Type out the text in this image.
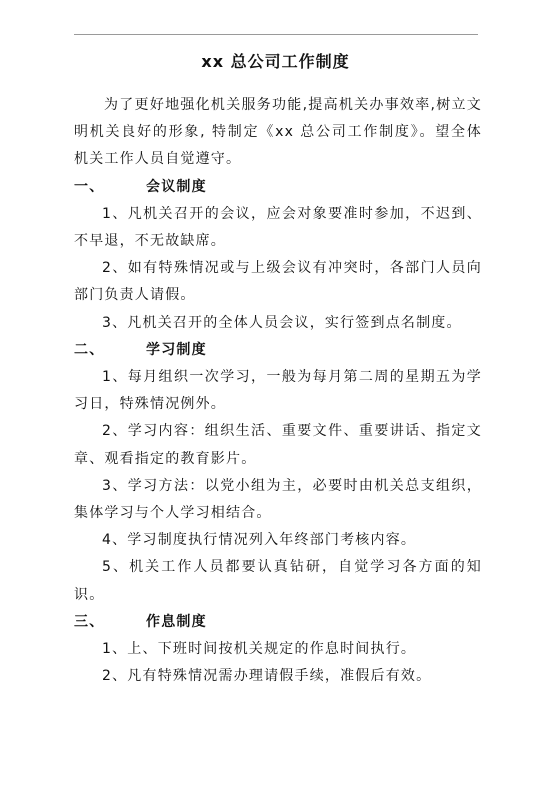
xx 总公司工作制度

为了更好地强化机关服务功能,提高机关办事效率,树立文明机关良好的形象, 特制定《xx 总公司工作制度》。望全体机关工作人员自觉遵守。

一、	会议制度

1、凡机关召开的会议，应会对象要准时参加，不迟到、不早退，不无故缺席。

2、如有特殊情况或与上级会议有冲突时，各部门人员向部门负责人请假。

3、凡机关召开的全体人员会议，实行签到点名制度。

二、	学习制度

1、每月组织一次学习，一般为每月第二周的星期五为学习日，特殊情况例外。

2、学习内容：组织生活、重要文件、重要讲话、指定文章、观看指定的教育影片。

3、学习方法：以党小组为主，必要时由机关总支组织，集体学习与个人学习相结合。

4、学习制度执行情况列入年终部门考核内容。

5、机关工作人员都要认真钻研，自觉学习各方面的知识。

三、	作息制度

1、上、下班时间按机关规定的作息时间执行。

2、凡有特殊情况需办理请假手续，准假后有效。
